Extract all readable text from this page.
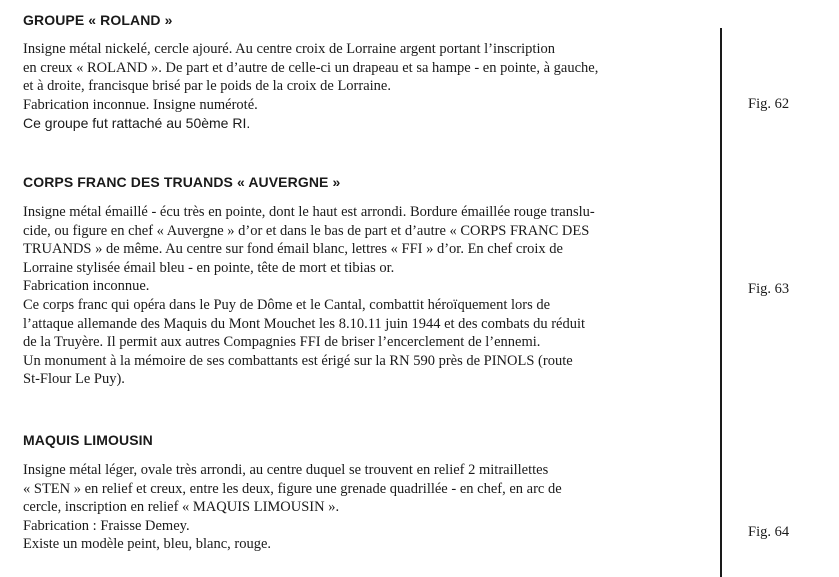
GROUPE « ROLAND »
Insigne métal nickelé, cercle ajouré. Au centre croix de Lorraine argent portant l’inscription
en creux « ROLAND ». De part et d’autre de celle-ci un drapeau et sa hampe - en pointe, à gauche,
et à droite, francisque brisé par le poids de la croix de Lorraine.
Fabrication inconnue. Insigne numéroté.
Ce groupe fut rattaché au 50ème RI.
Fig. 62
CORPS FRANC DES TRUANDS « AUVERGNE »
Insigne métal émaillé - écu très en pointe, dont le haut est arrondi. Bordure émaillée rouge translu-
cide, ou figure en chef « Auvergne » d’or et dans le bas de part et d’autre « CORPS FRANC DES
TRUANDS » de même. Au centre sur fond émail blanc, lettres « FFI » d’or. En chef croix de
Lorraine stylisée émail bleu - en pointe, tête de mort et tibias or.
Fabrication inconnue.
Ce corps franc qui opéra dans le Puy de Dôme et le Cantal, combattit héroïquement lors de
l’attaque allemande des Maquis du Mont Mouchet les 8.10.11 juin 1944 et des combats du réduit
de la Truyère. Il permit aux autres Compagnies FFI de briser l’encerclement de l’ennemi.
Un monument à la mémoire de ses combattants est érigé sur la RN 590 près de PINOLS (route
St-Flour Le Puy).
Fig. 63
MAQUIS LIMOUSIN
Insigne métal léger, ovale très arrondi, au centre duquel se trouvent en relief 2 mitraillettes
« STEN » en relief et creux, entre les deux, figure une grenade quadrillée - en chef, en arc de
cercle, inscription en relief « MAQUIS LIMOUSIN ».
Fabrication : Fraisse Demey.
Existe un modèle peint, bleu, blanc, rouge.
Fig. 64
